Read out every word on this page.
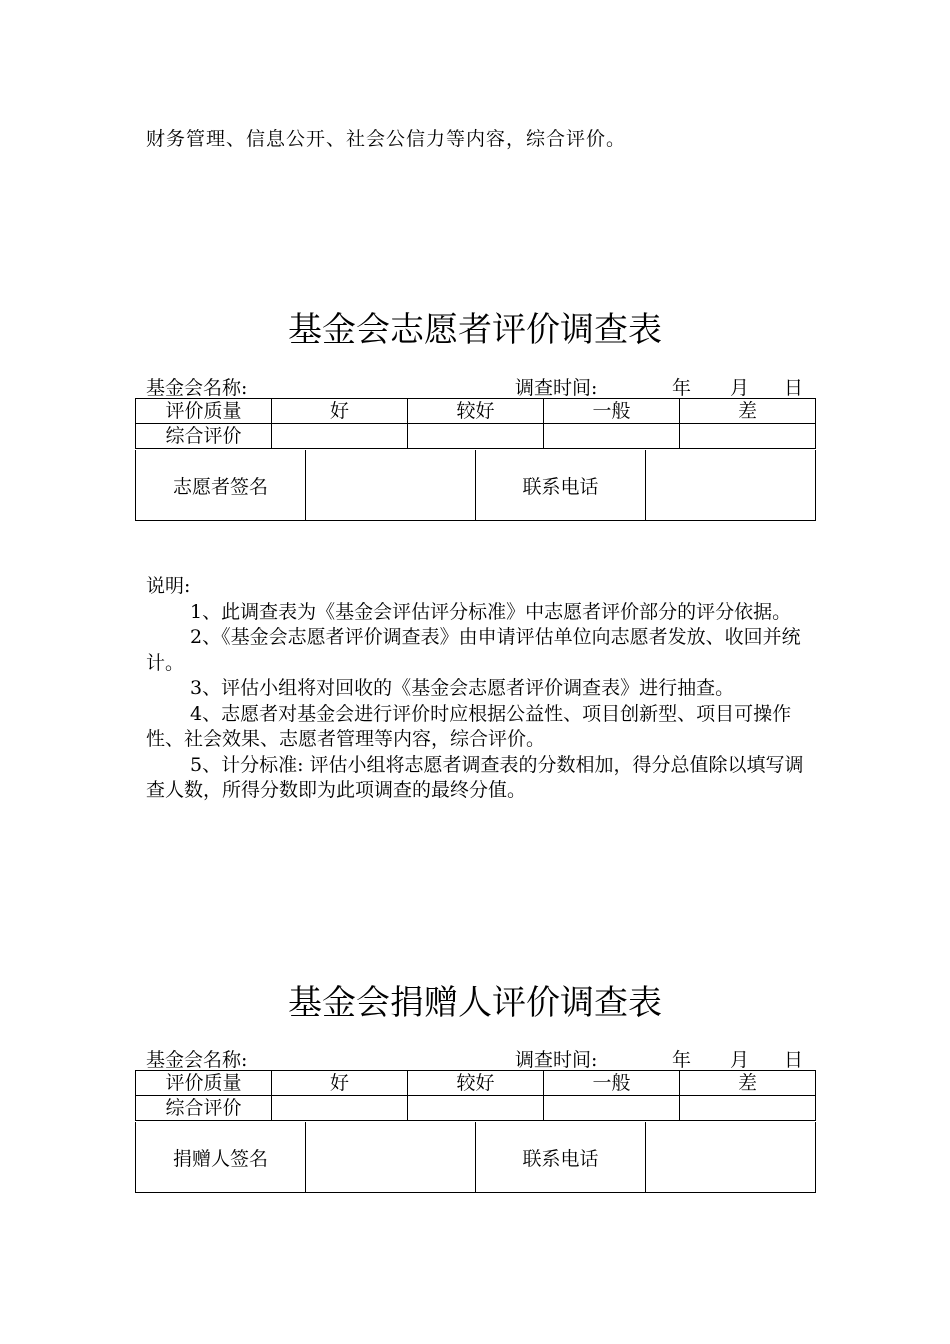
财务管理、信息公开、社会公信力等内容，综合评价。
基金会志愿者评价调查表
基金会名称:	调查时间:	年 月 日
评价质量	好	较好	一般	差
综合评价				
志愿者签名		联系电话	

说明:

1、此调查表为《基金会评估评分标准》中志愿者评价部分的评分依据。

2、《基金会志愿者评价调查表》由申请评估单位向志愿者发放、收回并统计。

3、评估小组将对回收的《基金会志愿者评价调查表》进行抽查。

4、志愿者对基金会进行评价时应根据公益性、项目创新型、项目可操作性、社会效果、志愿者管理等内容，综合评价。

5、计分标准: 评估小组将志愿者调查表的分数相加，得分总值除以填写调查人数，所得分数即为此项调查的最终分值。

基金会捐赠人评价调查表
基金会名称:	调查时间:	年 月 日
评价质量	好	较好	一般	差
综合评价				
捐赠人签名		联系电话	
